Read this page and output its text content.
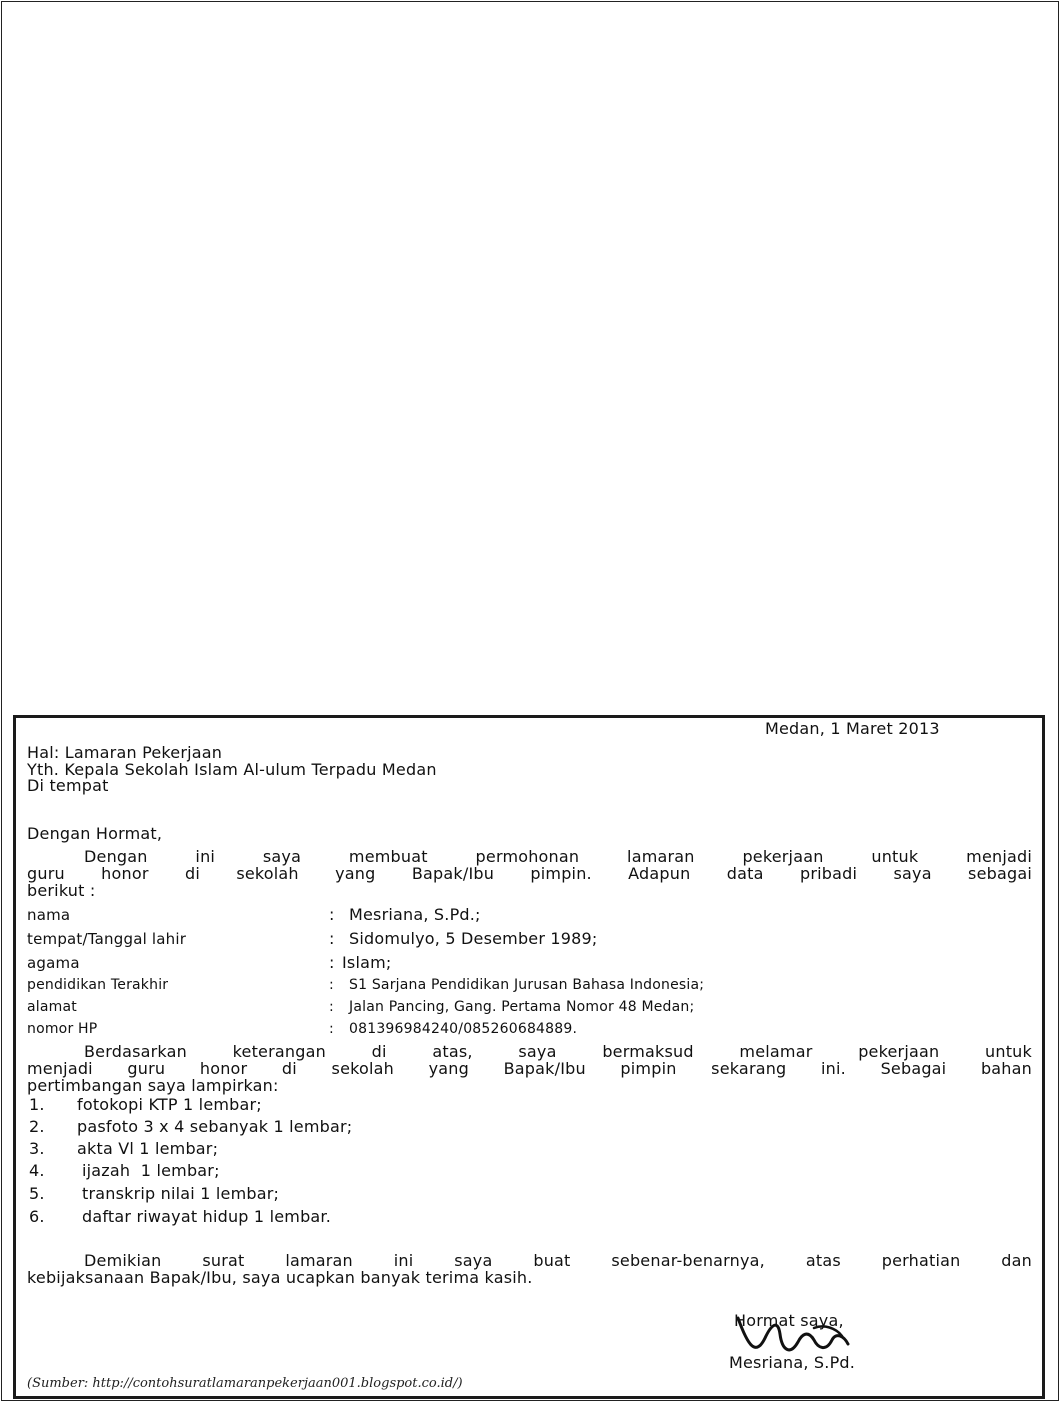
Medan, 1 Maret 2013
Hal: Lamaran Pekerjaan
Yth. Kepala Sekolah Islam Al-ulum Terpadu Medan
Di tempat
Dengan Hormat,
Dengan ini saya membuat permohonan lamaran pekerjaan untuk menjadi
guru honor di sekolah yang Bapak/Ibu pimpin. Adapun data pribadi saya sebagai
berikut :
nama	: Mesriana, S.Pd.;
tempat/Tanggal lahir	: Sidomulyo, 5 Desember 1989;
agama	: Islam;
pendidikan Terakhir	: S1 Sarjana Pendidikan Jurusan Bahasa Indonesia;
alamat	: Jalan Pancing, Gang. Pertama Nomor 48 Medan;
nomor HP	: 081396984240/085260684889.
Berdasarkan keterangan di atas, saya bermaksud melamar pekerjaan untuk
menjadi guru honor di sekolah yang Bapak/Ibu pimpin sekarang ini. Sebagai bahan
pertimbangan saya lampirkan:
1. fotokopi KTP 1 lembar;
2. pasfoto 3 x 4 sebanyak 1 lembar;
3. akta Vl 1 lembar;
4. ijazah  1 lembar;
5. transkrip nilai 1 lembar;
6. daftar riwayat hidup 1 lembar.
Demikian surat lamaran ini saya buat sebenar-benarnya, atas perhatian dan
kebijaksanaan Bapak/Ibu, saya ucapkan banyak terima kasih.
Hormat saya,
Mesriana, S.Pd.
(Sumber: http://contohsuratlamaranpekerjaan001.blogspot.co.id/)
